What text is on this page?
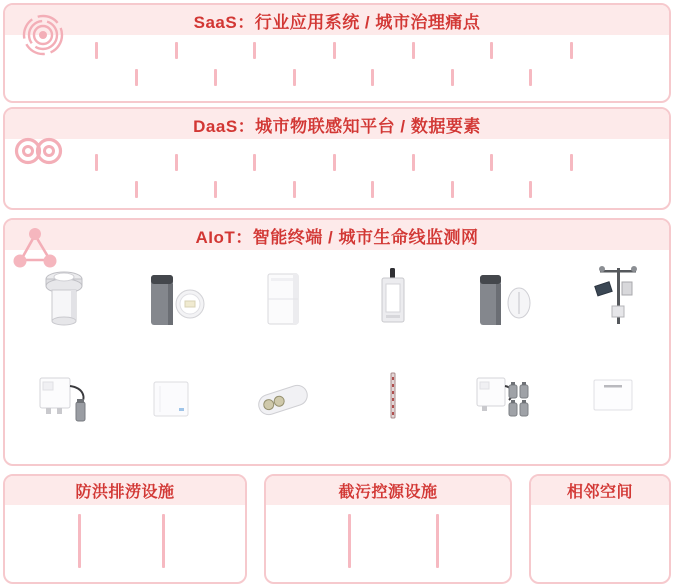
SaaS：行业应用系统 / 城市治理痛点
DaaS：城市物联感知平台 / 数据要素
AIoT：智能终端 / 城市生命线监测网
防洪排涝设施	截污控源设施	相邻空间
